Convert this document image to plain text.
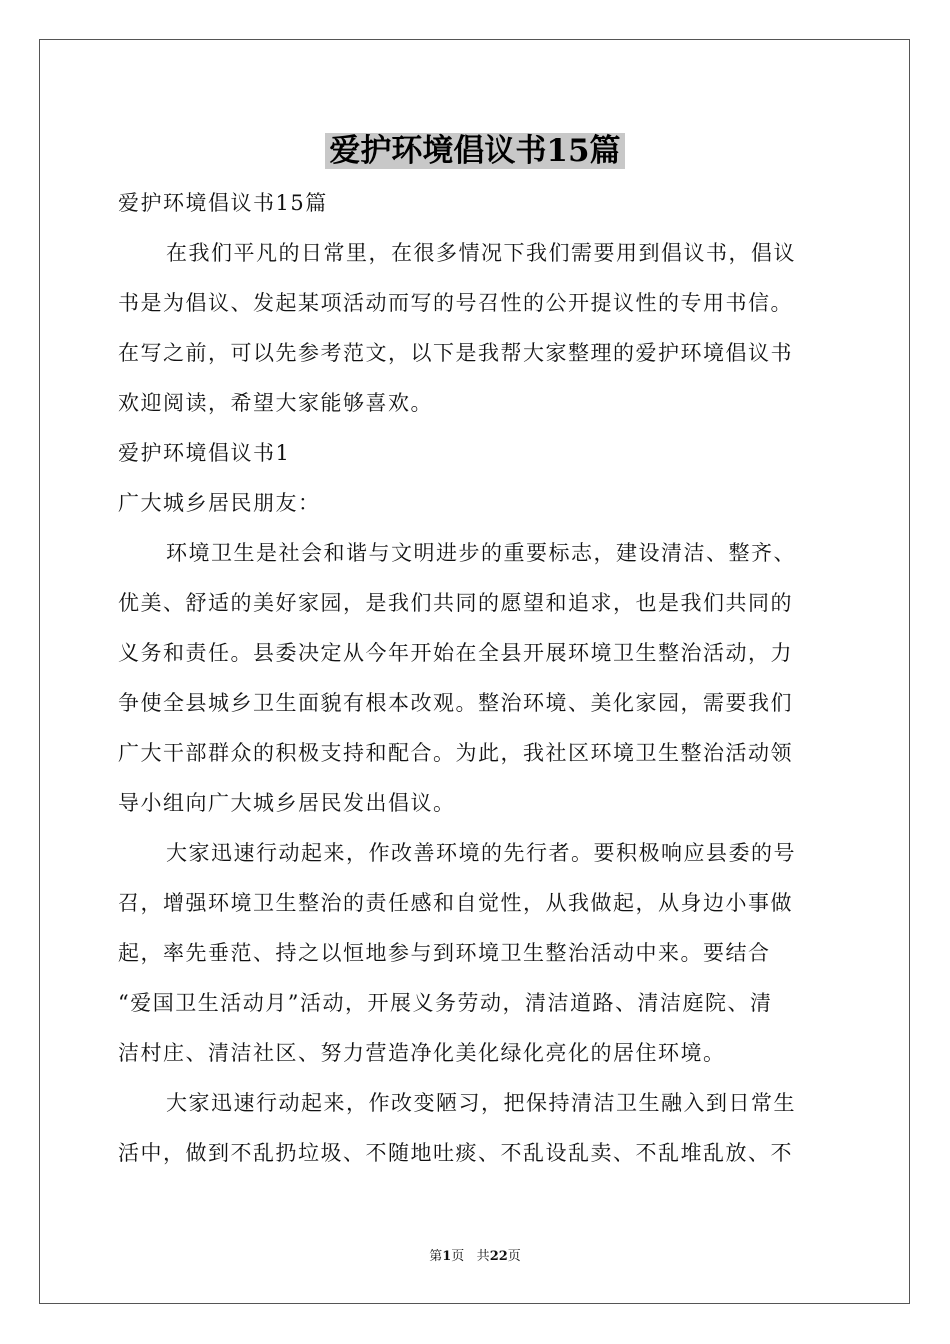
爱护环境倡议书15篇
爱护环境倡议书15篇
在我们平凡的日常里，在很多情况下我们需要用到倡议书，倡议
书是为倡议、发起某项活动而写的号召性的公开提议性的专用书信。
在写之前，可以先参考范文，以下是我帮大家整理的爱护环境倡议书
欢迎阅读，希望大家能够喜欢。
爱护环境倡议书1
广大城乡居民朋友：
环境卫生是社会和谐与文明进步的重要标志，建设清洁、整齐、
优美、舒适的美好家园，是我们共同的愿望和追求，也是我们共同的
义务和责任。县委决定从今年开始在全县开展环境卫生整治活动，力
争使全县城乡卫生面貌有根本改观。整治环境、美化家园，需要我们
广大干部群众的积极支持和配合。为此，我社区环境卫生整治活动领
导小组向广大城乡居民发出倡议。
大家迅速行动起来，作改善环境的先行者。要积极响应县委的号
召，增强环境卫生整治的责任感和自觉性，从我做起，从身边小事做
起，率先垂范、持之以恒地参与到环境卫生整治活动中来。要结合
“爱国卫生活动月”活动，开展义务劳动，清洁道路、清洁庭院、清
洁村庄、清洁社区、努力营造净化美化绿化亮化的居住环境。
大家迅速行动起来，作改变陋习，把保持清洁卫生融入到日常生
活中，做到不乱扔垃圾、不随地吐痰、不乱设乱卖、不乱堆乱放、不
第1页 共22页
